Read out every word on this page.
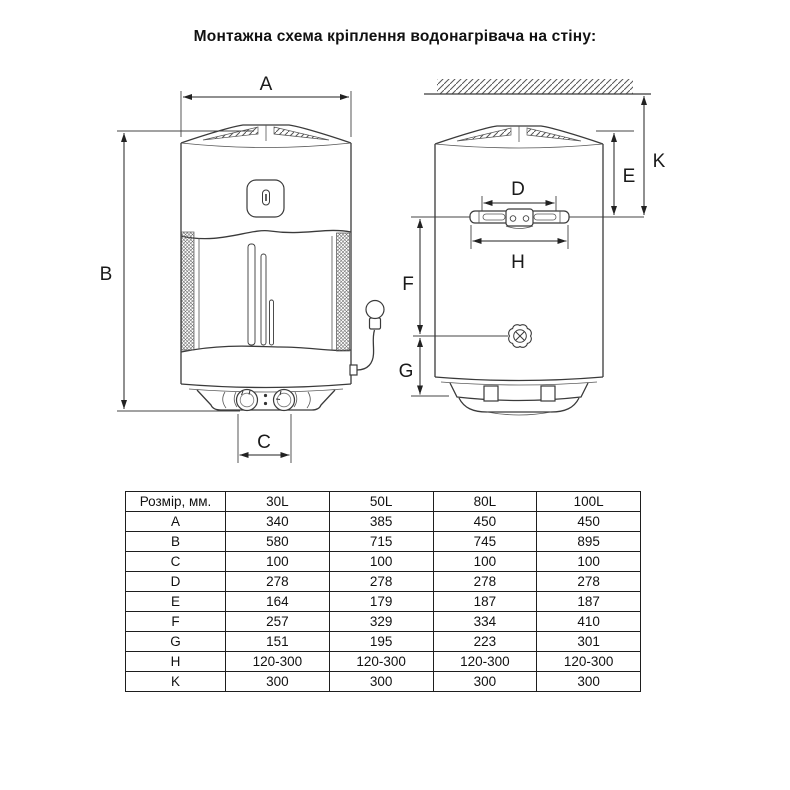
Монтажна схема кріплення водонагрівача на стіну:
A
B
C
D
H
K
E
F
G
Розмір, мм.	30L	50L	80L	100L
A	340	385	450	450
B	580	715	745	895
C	100	100	100	100
D	278	278	278	278
E	164	179	187	187
F	257	329	334	410
G	151	195	223	301
H	120-300	120-300	120-300	120-300
K	300	300	300	300
